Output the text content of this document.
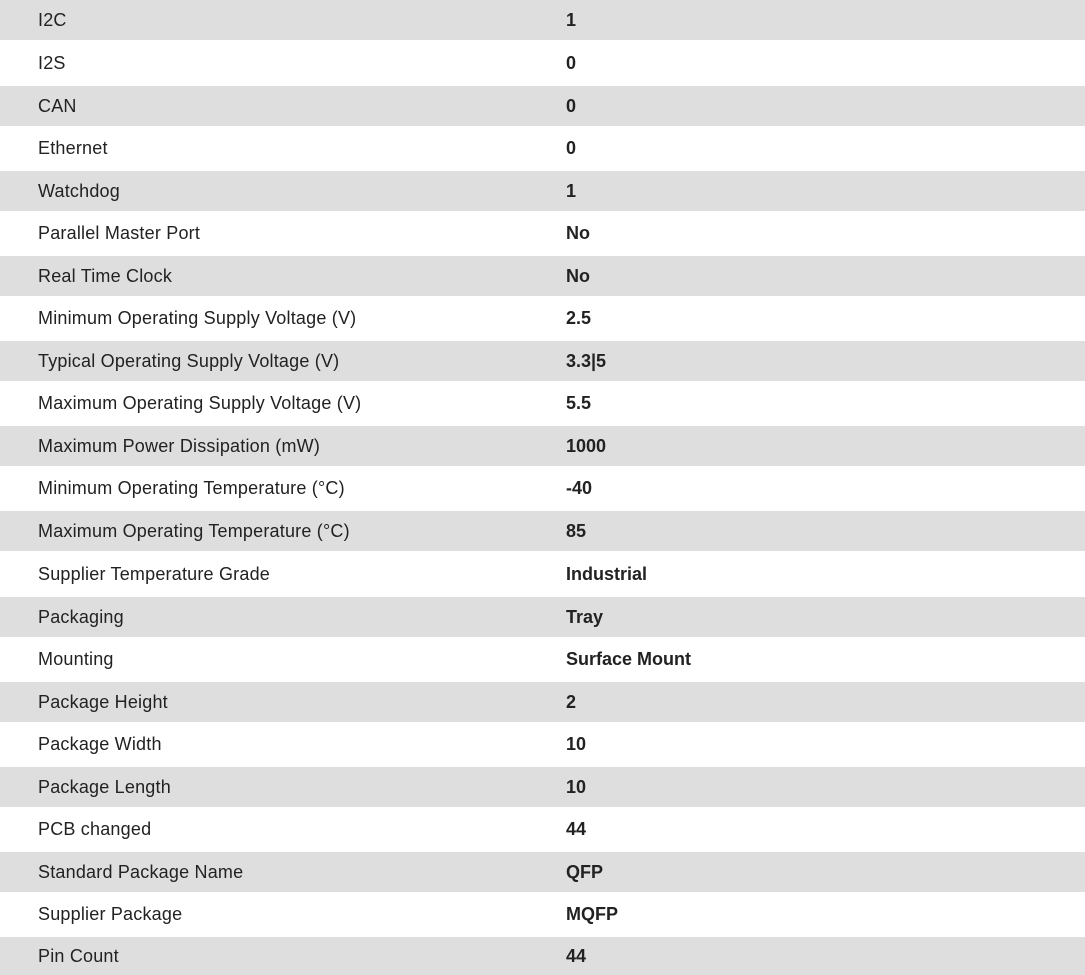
I2C	1
I2S	0
CAN	0
Ethernet	0
Watchdog	1
Parallel Master Port	No
Real Time Clock	No
Minimum Operating Supply Voltage (V)	2.5
Typical Operating Supply Voltage (V)	3.3|5
Maximum Operating Supply Voltage (V)	5.5
Maximum Power Dissipation (mW)	1000
Minimum Operating Temperature (°C)	-40
Maximum Operating Temperature (°C)	85
Supplier Temperature Grade	Industrial
Packaging	Tray
Mounting	Surface Mount
Package Height	2
Package Width	10
Package Length	10
PCB changed	44
Standard Package Name	QFP
Supplier Package	MQFP
Pin Count	44
